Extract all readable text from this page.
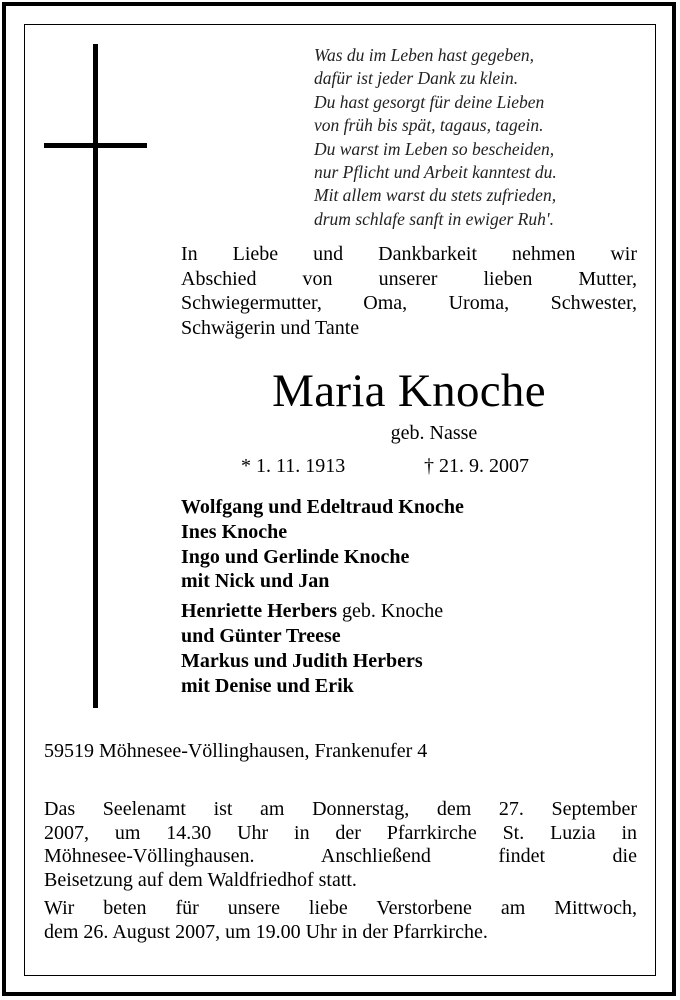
Was du im Leben hast gegeben,
dafür ist jeder Dank zu klein.
Du hast gesorgt für deine Lieben
von früh bis spät, tagaus, tagein.
Du warst im Leben so bescheiden,
nur Pflicht und Arbeit kanntest du.
Mit allem warst du stets zufrieden,
drum schlafe sanft in ewiger Ruh'.
In Liebe und Dankbarkeit nehmen wir
Abschied von unserer lieben Mutter,
Schwiegermutter, Oma, Uroma, Schwester,
Schwägerin und Tante
Maria Knoche
geb. Nasse
* 1. 11. 1913	† 21. 9. 2007
Wolfgang und Edeltraud Knoche
Ines Knoche
Ingo und Gerlinde Knoche
mit Nick und Jan
Henriette Herbers geb. Knoche
und Günter Treese
Markus und Judith Herbers
mit Denise und Erik
59519 Möhnesee-Völlinghausen, Frankenufer 4
Das Seelenamt ist am Donnerstag, dem 27. September
2007, um 14.30 Uhr in der Pfarrkirche St. Luzia in
Möhnesee-Völlinghausen. Anschließend findet die
Beisetzung auf dem Waldfriedhof statt.
Wir beten für unsere liebe Verstorbene am Mittwoch,
dem 26. August 2007, um 19.00 Uhr in der Pfarrkirche.
